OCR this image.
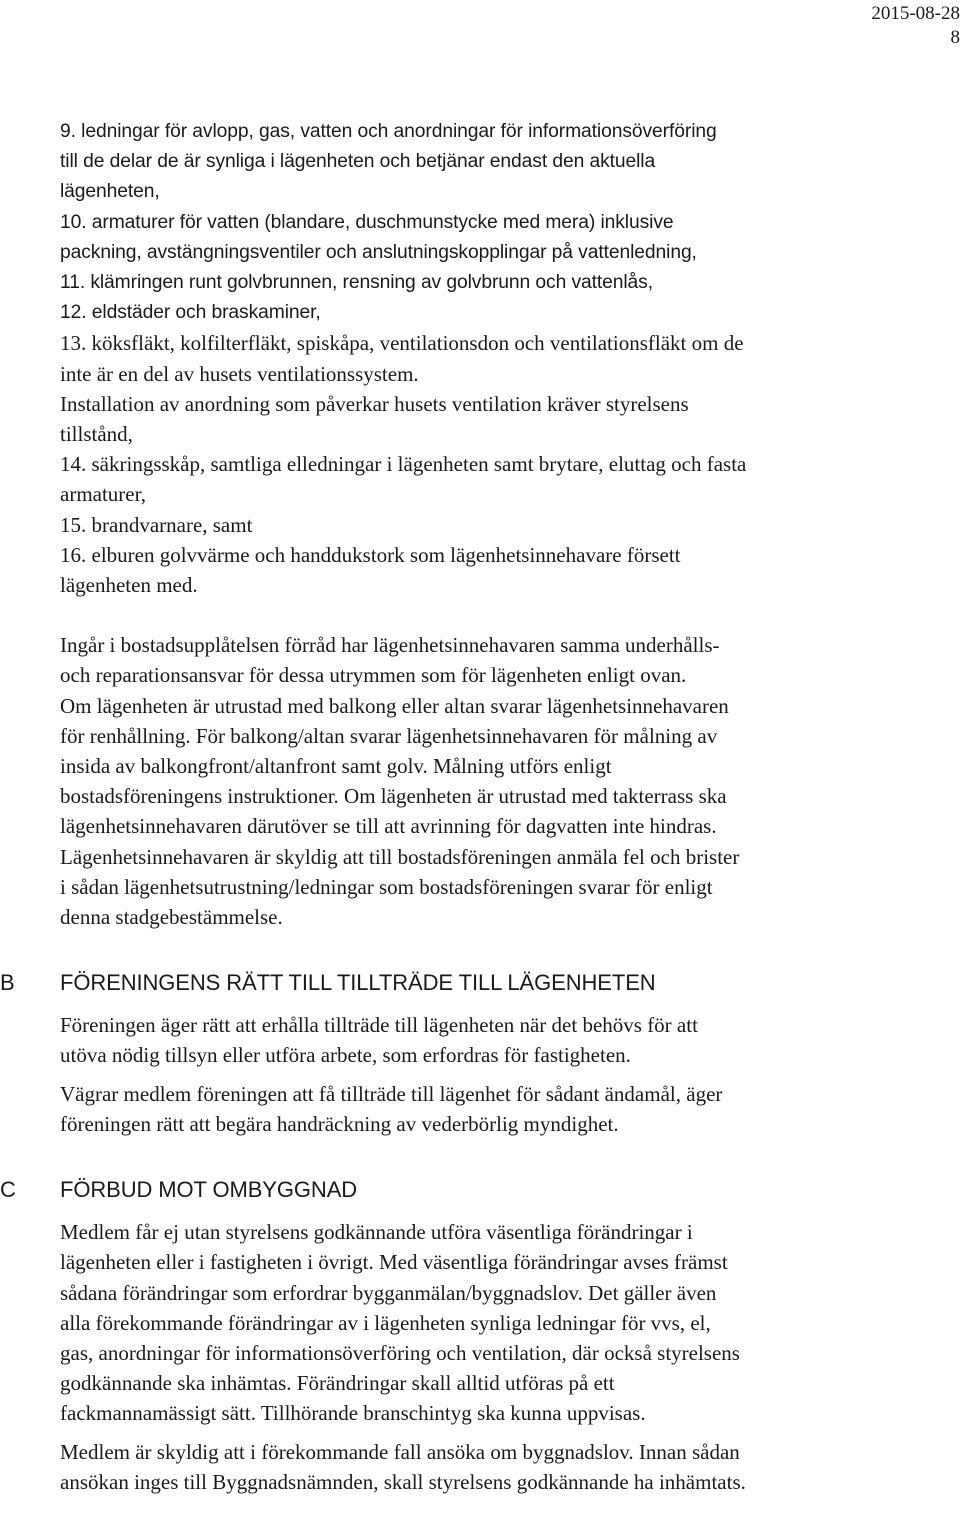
2015-08-28
8

9. ledningar för avlopp, gas, vatten och anordningar för informationsöverföring

till de delar de är synliga i lägenheten och betjänar endast den aktuella

lägenheten,

10. armaturer för vatten (blandare, duschmunstycke med mera) inklusive

packning, avstängningsventiler och anslutningskopplingar på vattenledning,

11. klämringen runt golvbrunnen, rensning av golvbrunn och vattenlås,

12. eldstäder och braskaminer,

13. köksfläkt, kolfilterfläkt, spiskåpa, ventilationsdon och ventilationsfläkt om de

inte är en del av husets ventilationssystem.

Installation av anordning som påverkar husets ventilation kräver styrelsens

tillstånd,

14. säkringsskåp, samtliga elledningar i lägenheten samt brytare, eluttag och fasta

armaturer,

15. brandvarnare, samt

16. elburen golvvärme och handdukstork som lägenhetsinnehavare försett

lägenheten med.

Ingår i bostadsupplåtelsen förråd har lägenhetsinnehavaren samma underhålls-

och reparationsansvar för dessa utrymmen som för lägenheten enligt ovan.

Om lägenheten är utrustad med balkong eller altan svarar lägenhetsinnehavaren

för renhållning. För balkong/altan svarar lägenhetsinnehavaren för målning av

insida av balkongfront/altanfront samt golv. Målning utförs enligt

bostadsföreningens instruktioner. Om lägenheten är utrustad med takterrass ska

lägenhetsinnehavaren därutöver se till att avrinning för dagvatten inte hindras.

Lägenhetsinnehavaren är skyldig att till bostadsföreningen anmäla fel och brister

i sådan lägenhetsutrustning/ledningar som bostadsföreningen svarar för enligt

denna stadgebestämmelse.

B FÖRENINGENS RÄTT TILL TILLTRÄDE TILL LÄGENHETEN

Föreningen äger rätt att erhålla tillträde till lägenheten när det behövs för att

utöva nödig tillsyn eller utföra arbete, som erfordras för fastigheten.

Vägrar medlem föreningen att få tillträde till lägenhet för sådant ändamål, äger

föreningen rätt att begära handräckning av vederbörlig myndighet.

C FÖRBUD MOT OMBYGGNAD

Medlem får ej utan styrelsens godkännande utföra väsentliga förändringar i

lägenheten eller i fastigheten i övrigt. Med väsentliga förändringar avses främst

sådana förändringar som erfordrar bygganmälan/byggnadslov. Det gäller även

alla förekommande förändringar av i lägenheten synliga ledningar för vvs, el,

gas, anordningar för informationsöverföring och ventilation, där också styrelsens

godkännande ska inhämtas. Förändringar skall alltid utföras på ett

fackmannamässigt sätt. Tillhörande branschintyg ska kunna uppvisas.

Medlem är skyldig att i förekommande fall ansöka om byggnadslov. Innan sådan

ansökan inges till Byggnadsnämnden, skall styrelsens godkännande ha inhämtats.
